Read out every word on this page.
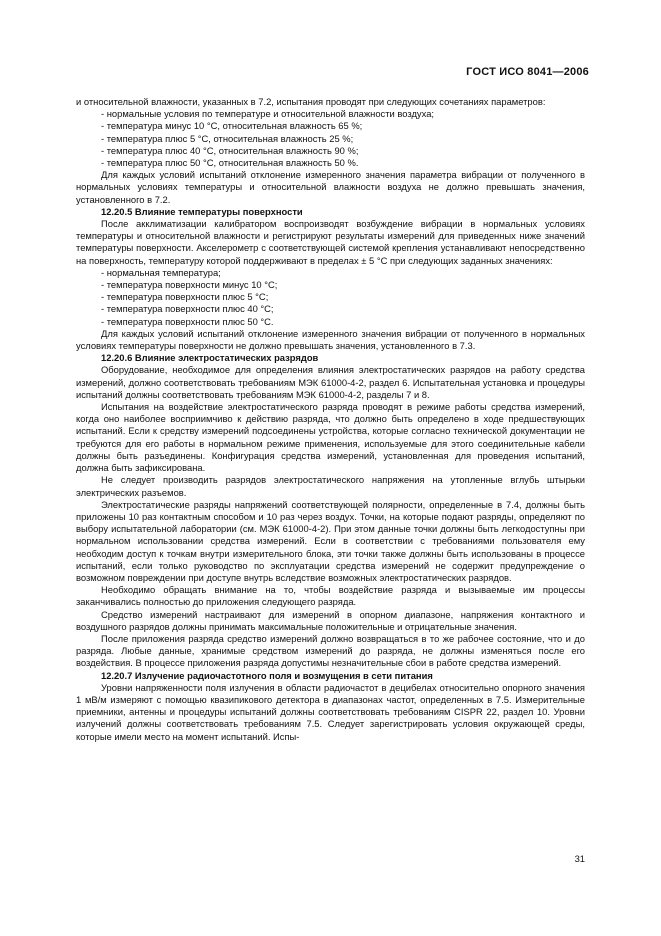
ГОСТ ИСО 8041—2006

и относительной влажности, указанных в 7.2, испытания проводят при следующих сочетаниях параметров:

- нормальные условия по температуре и относительной влажности воздуха;

- температура минус 10 °С, относительная влажность 65 %;

- температура плюс 5 °С, относительная влажность 25 %;

- температура плюс 40 °С, относительная влажность 90 %;

- температура плюс 50 °С, относительная влажность 50 %.

Для каждых условий испытаний отклонение измеренного значения параметра вибрации от полученного в нормальных условиях температуры и относительной влажности воздуха не должно превышать значения, установленного в 7.2.

12.20.5 Влияние температуры поверхности

После акклиматизации калибратором воспроизводят возбуждение вибрации в нормальных условиях температуры и относительной влажности и регистрируют результаты измерений для приведенных ниже значений температуры поверхности. Акселерометр с соответствующей системой крепления устанавливают непосредственно на поверхность, температуру которой поддерживают в пределах ± 5 °С при следующих заданных значениях:

- нормальная температура;

- температура поверхности минус 10 °С;

- температура поверхности плюс 5 °С;

- температура поверхности плюс 40 °С;

- температура поверхности плюс 50 °С.

Для каждых условий испытаний отклонение измеренного значения вибрации от полученного в нормальных условиях температуры поверхности не должно превышать значения, установленного в 7.3.

12.20.6 Влияние электростатических разрядов

Оборудование, необходимое для определения влияния электростатических разрядов на работу средства измерений, должно соответствовать требованиям МЭК 61000-4-2, раздел 6. Испытательная установка и процедуры испытаний должны соответствовать требованиям МЭК 61000-4-2, разделы 7 и 8.

Испытания на воздействие электростатического разряда проводят в режиме работы средства измерений, когда оно наиболее восприимчиво к действию разряда, что должно быть определено в ходе предшествующих испытаний. Если к средству измерений подсоединены устройства, которые согласно технической документации не требуются для его работы в нормальном режиме применения, используемые для этого соединительные кабели должны быть разъединены. Конфигурация средства измерений, установленная для проведения испытаний, должна быть зафиксирована.

Не следует производить разрядов электростатического напряжения на утопленные вглубь штырьки электрических разъемов.

Электростатические разряды напряжений соответствующей полярности, определенные в 7.4, должны быть приложены 10 раз контактным способом и 10 раз через воздух. Точки, на которые подают разряды, определяют по выбору испытательной лаборатории (см. МЭК 61000-4-2). При этом данные точки должны быть легкодоступны при нормальном использовании средства измерений. Если в соответствии с требованиями пользователя ему необходим доступ к точкам внутри измерительного блока, эти точки также должны быть использованы в процессе испытаний, если только руководство по эксплуатации средства измерений не содержит предупреждение о возможном повреждении при доступе внутрь вследствие возможных электростатических разрядов.

Необходимо обращать внимание на то, чтобы воздействие разряда и вызываемые им процессы заканчивались полностью до приложения следующего разряда.

Средство измерений настраивают для измерений в опорном диапазоне, напряжения контактного и воздушного разрядов должны принимать максимальные положительные и отрицательные значения.

После приложения разряда средство измерений должно возвращаться в то же рабочее состояние, что и до разряда. Любые данные, хранимые средством измерений до разряда, не должны изменяться после его воздействия. В процессе приложения разряда допустимы незначительные сбои в работе средства измерений.

12.20.7 Излучение радиочастотного поля и возмущения в сети питания

Уровни напряженности поля излучения в области радиочастот в децибелах относительно опорного значения 1 мВ/м измеряют с помощью квазипикового детектора в диапазонах частот, определенных в 7.5. Измерительные приемники, антенны и процедуры испытаний должны соответствовать требованиям CISPR 22, раздел 10. Уровни излучений должны соответствовать требованиям 7.5. Следует зарегистрировать условия окружающей среды, которые имели место на момент испытаний. Испы-

31
